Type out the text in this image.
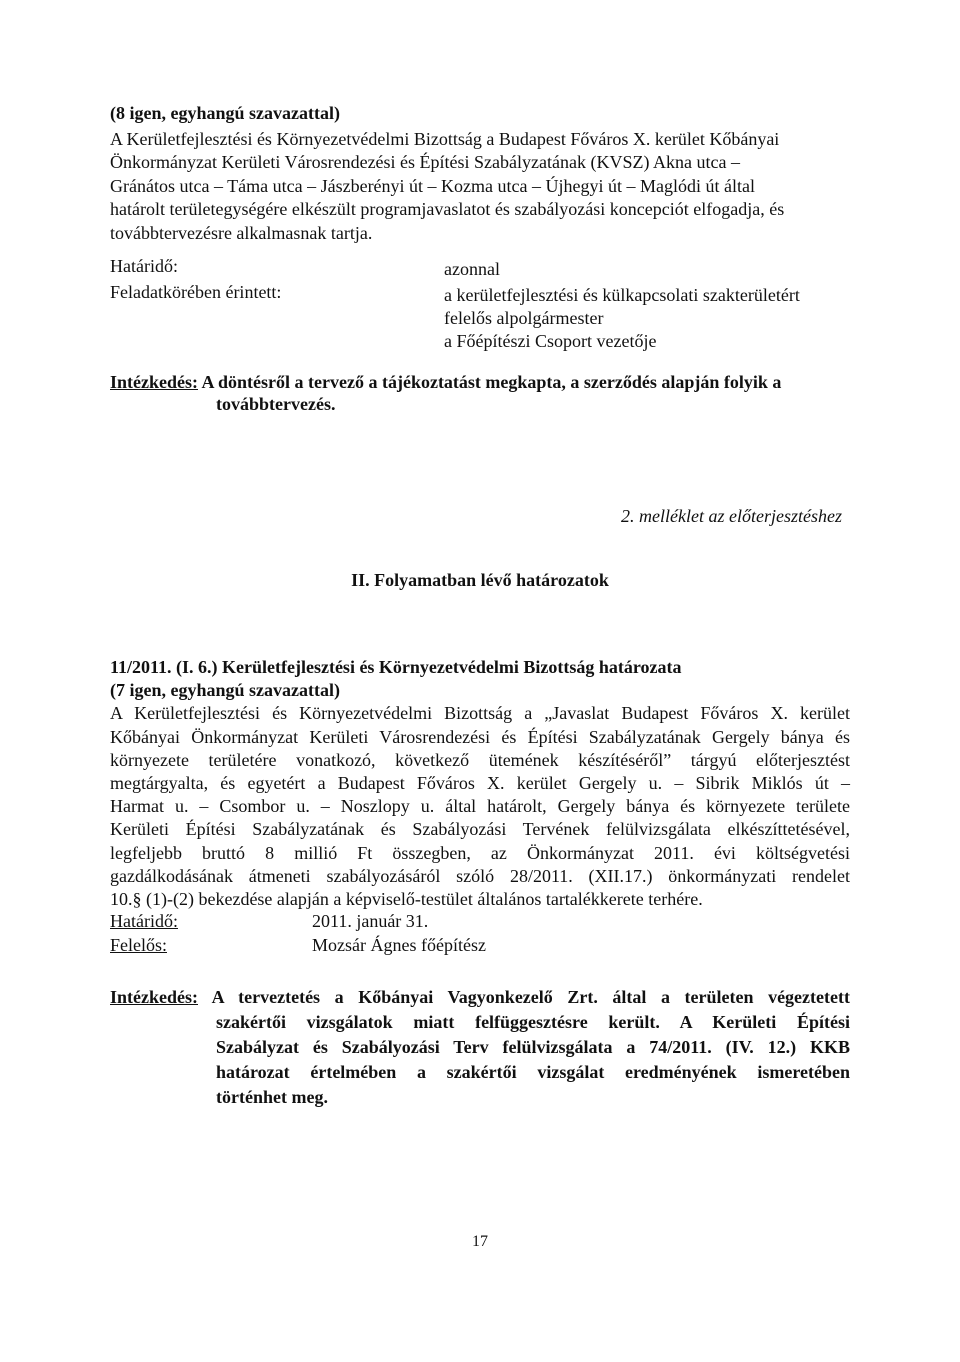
(8 igen, egyhangú szavazattal)
A Kerületfejlesztési és Környezetvédelmi Bizottság a Budapest Főváros X. kerület Kőbányai
Önkormányzat Kerületi Városrendezési és Építési Szabályzatának (KVSZ) Akna utca –
Gránátos utca – Táma utca – Jászberényi út – Kozma utca – Újhegyi út – Maglódi út által
határolt területegységére elkészült programjavaslatot és szabályozási koncepciót elfogadja, és
továbbtervezésre alkalmasnak tartja.
Határidő:	azonnal
Feladatkörében érintett:	a kerületfejlesztési és külkapcsolati szakterületért
felelős alpolgármester
a Főépítészi Csoport vezetője
Intézkedés: A döntésről a tervező a tájékoztatást megkapta, a szerződés alapján folyik a
továbbtervezés.
2. melléklet az előterjesztéshez
II. Folyamatban lévő határozatok
11/2011. (I. 6.) Kerületfejlesztési és Környezetvédelmi Bizottság határozata
(7 igen, egyhangú szavazattal)
A Kerületfejlesztési és Környezetvédelmi Bizottság a „Javaslat Budapest Főváros X. kerület
Kőbányai Önkormányzat Kerületi Városrendezési és Építési Szabályzatának Gergely bánya és
környezete területére vonatkozó, következő ütemének készítéséről” tárgyú előterjesztést
megtárgyalta, és egyetért a Budapest Főváros X. kerület Gergely u. – Sibrik Miklós út –
Harmat u. – Csombor u. – Noszlopy u. által határolt, Gergely bánya és környezete területe
Kerületi Építési Szabályzatának és Szabályozási Tervének felülvizsgálata elkészíttetésével,
legfeljebb bruttó 8 millió Ft összegben, az Önkormányzat 2011. évi költségvetési
gazdálkodásának átmeneti szabályozásáról szóló 28/2011. (XII.17.) önkormányzati rendelet
10.§ (1)-(2) bekezdése alapján a képviselő-testület általános tartalékkerete terhére.
Határidő:	2011. január 31.
Felelős:	Mozsár Ágnes főépítész
Intézkedés: A terveztetés a Kőbányai Vagyonkezelő Zrt. által a területen végeztetett
szakértői vizsgálatok miatt felfüggesztésre került. A Kerületi Építési
Szabályzat és Szabályozási Terv felülvizsgálata a 74/2011. (IV. 12.) KKB
határozat értelmében a szakértői vizsgálat eredményének ismeretében
történhet meg.
17
